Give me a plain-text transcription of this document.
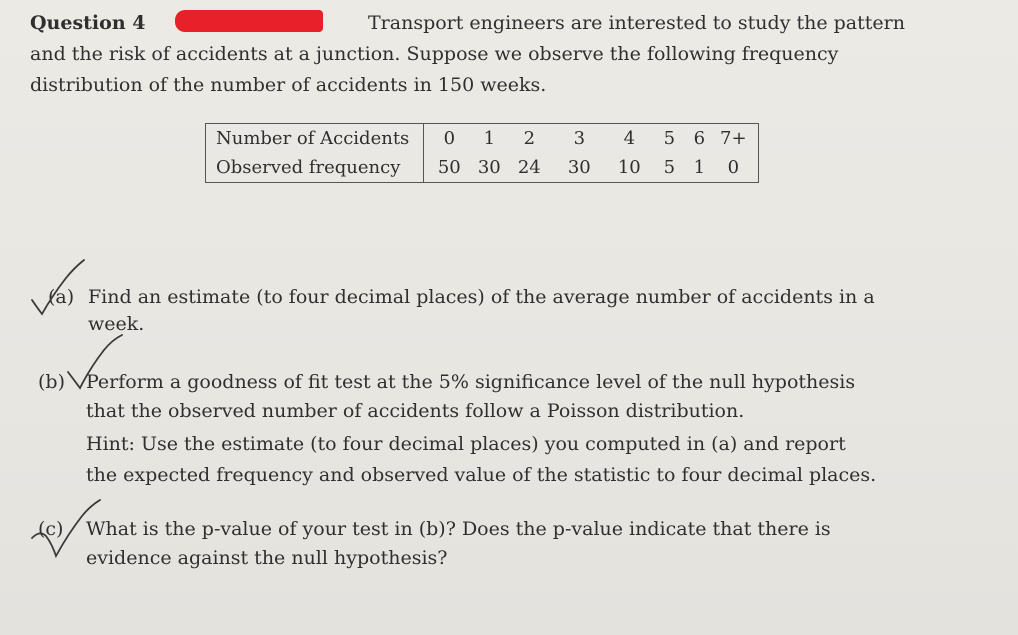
Question 4	Transport engineers are interested to study the pattern
and the risk of accidents at a junction. Suppose we observe the following frequency
distribution of the number of accidents in 150 weeks.
Number of Accidents	0	1	2	3	4	5	6	7+
Observed frequency	50	30	24	30	10	5	1	0
(a) Find an estimate (to four decimal places) of the average number of accidents in a
week.
(b) Perform a goodness of fit test at the 5% significance level of the null hypothesis
that the observed number of accidents follow a Poisson distribution.
Hint: Use the estimate (to four decimal places) you computed in (a) and report
the expected frequency and observed value of the statistic to four decimal places.
(c) What is the p-value of your test in (b)? Does the p-value indicate that there is
evidence against the null hypothesis?
